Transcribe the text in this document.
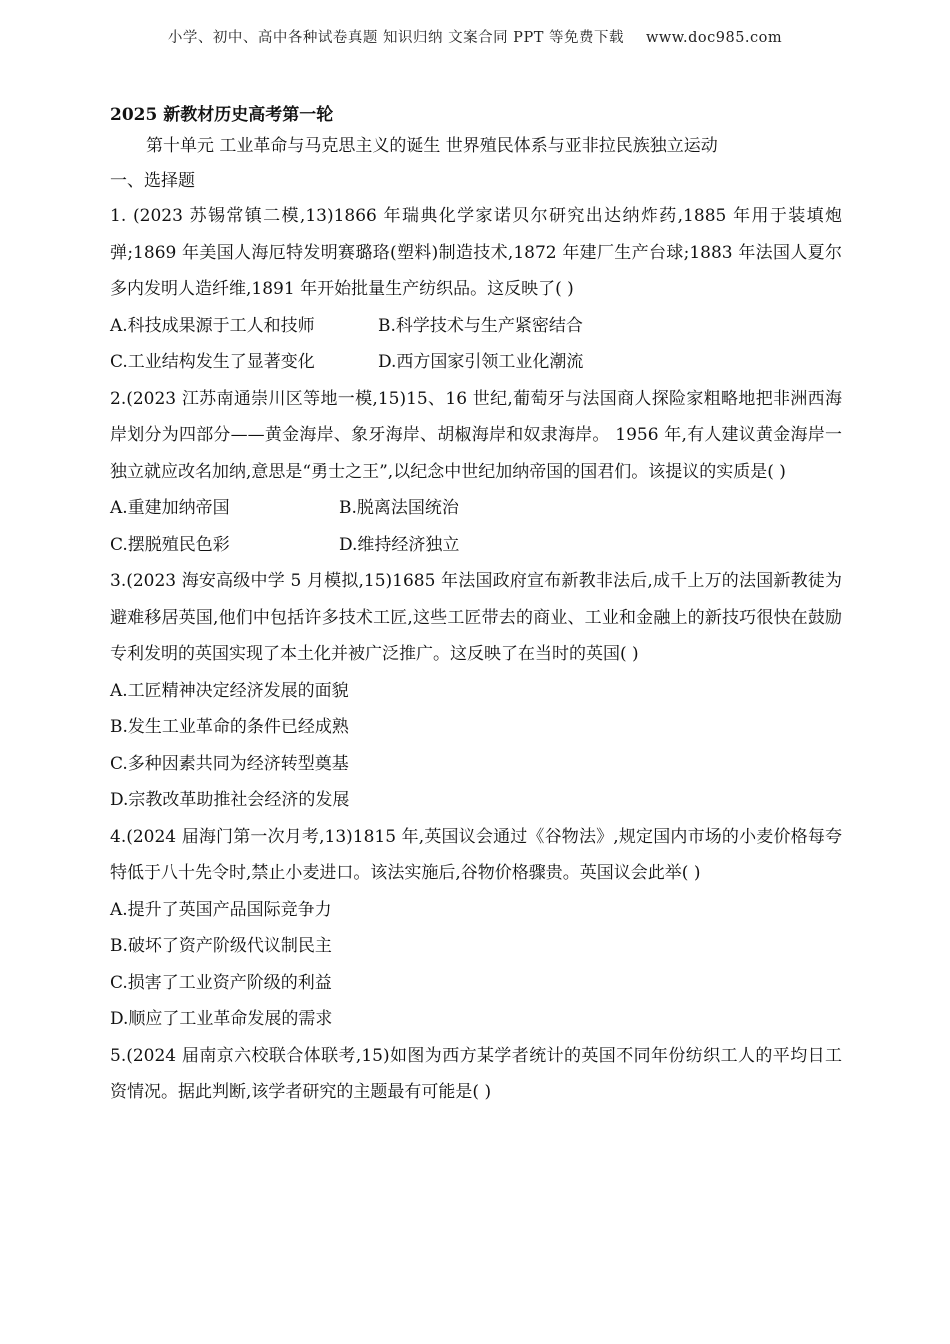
小学、初中、高中各种试卷真题 知识归纳 文案合同 PPT 等免费下载 www.doc985.com

2025 新教材历史高考第一轮

第十单元 工业革命与马克思主义的诞生 世界殖民体系与亚非拉民族独立运动

一、选择题

1. (2023 苏锡常镇二模,13)1866 年瑞典化学家诺贝尔研究出达纳炸药,1885 年用于装填炮弹;1869 年美国人海厄特发明赛璐珞(塑料)制造技术,1872 年建厂生产台球;1883 年法国人夏尔多内发明人造纤维,1891 年开始批量生产纺织品。这反映了( )

A.科技成果源于工人和技师	B.科学技术与生产紧密结合
C.工业结构发生了显著变化	D.西方国家引领工业化潮流

2.(2023 江苏南通崇川区等地一模,15)15、16 世纪,葡萄牙与法国商人探险家粗略地把非洲西海岸划分为四部分——黄金海岸、象牙海岸、胡椒海岸和奴隶海岸。 1956 年,有人建议黄金海岸一独立就应改名加纳,意思是“勇士之王”,以纪念中世纪加纳帝国的国君们。该提议的实质是( )

A.重建加纳帝国	B.脱离法国统治
C.摆脱殖民色彩	D.维持经济独立

3.(2023 海安高级中学 5 月模拟,15)1685 年法国政府宣布新教非法后,成千上万的法国新教徒为避难移居英国,他们中包括许多技术工匠,这些工匠带去的商业、工业和金融上的新技巧很快在鼓励专利发明的英国实现了本土化并被广泛推广。这反映了在当时的英国( )

A.工匠精神决定经济发展的面貌

B.发生工业革命的条件已经成熟

C.多种因素共同为经济转型奠基

D.宗教改革助推社会经济的发展

4.(2024 届海门第一次月考,13)1815 年,英国议会通过《谷物法》,规定国内市场的小麦价格每夸特低于八十先令时,禁止小麦进口。该法实施后,谷物价格骤贵。英国议会此举( )

A.提升了英国产品国际竞争力

B.破坏了资产阶级代议制民主

C.损害了工业资产阶级的利益

D.顺应了工业革命发展的需求

5.(2024 届南京六校联合体联考,15)如图为西方某学者统计的英国不同年份纺织工人的平均日工资情况。据此判断,该学者研究的主题最有可能是( )
